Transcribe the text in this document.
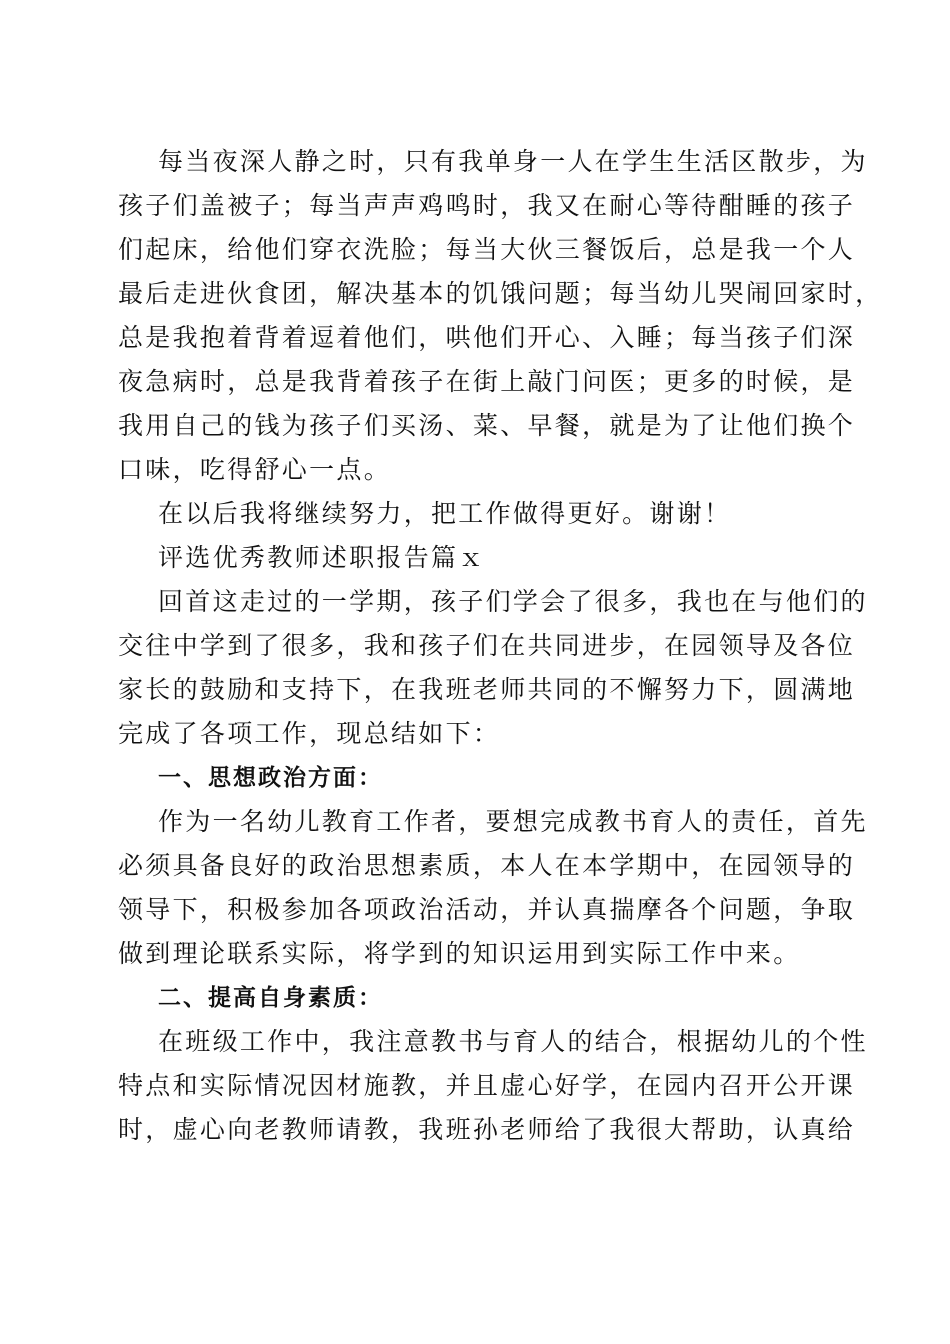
每当夜深人静之时，只有我单身一人在学生生活区散步，为
孩子们盖被子；每当声声鸡鸣时，我又在耐心等待酣睡的孩子
们起床，给他们穿衣洗脸；每当大伙三餐饭后，总是我一个人
最后走进伙食团，解决基本的饥饿问题；每当幼儿哭闹回家时，
总是我抱着背着逗着他们，哄他们开心、入睡；每当孩子们深
夜急病时，总是我背着孩子在街上敲门问医；更多的时候，是
我用自己的钱为孩子们买汤、菜、早餐，就是为了让他们换个
口味，吃得舒心一点。
在以后我将继续努力，把工作做得更好。谢谢！
评选优秀教师述职报告篇ｘ
回首这走过的一学期，孩子们学会了很多，我也在与他们的
交往中学到了很多，我和孩子们在共同进步，在园领导及各位
家长的鼓励和支持下，在我班老师共同的不懈努力下，圆满地
完成了各项工作，现总结如下：
一、思想政治方面：
作为一名幼儿教育工作者，要想完成教书育人的责任，首先
必须具备良好的政治思想素质，本人在本学期中，在园领导的
领导下，积极参加各项政治活动，并认真揣摩各个问题，争取
做到理论联系实际，将学到的知识运用到实际工作中来。
二、提高自身素质：
在班级工作中，我注意教书与育人的结合，根据幼儿的个性
特点和实际情况因材施教，并且虚心好学，在园内召开公开课
时，虚心向老教师请教，我班孙老师给了我很大帮助，认真给
